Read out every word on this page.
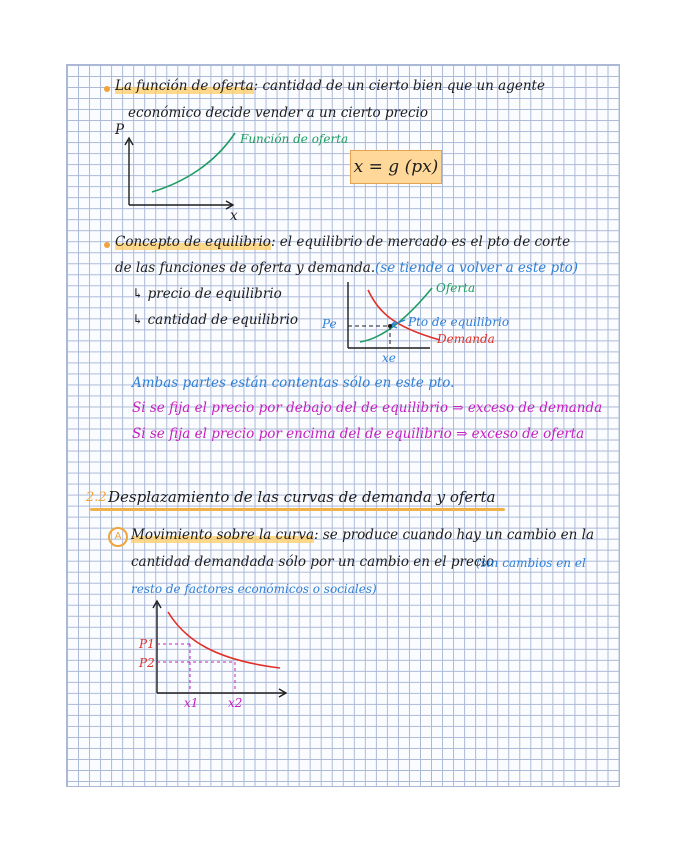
La función de oferta: cantidad de un cierto bien que un agente
económico decide vender a un cierto precio
P
x
Función de oferta
x = g (px)
Concepto de equilibrio: el equilibrio de mercado es el pto de corte
de las funciones de oferta y demanda. (se tiende a volver a este pto)
↳ precio de equilibrio
↳ cantidad de equilibrio Pe
xe
Oferta
Demanda
Pto de equilibrio
Ambas partes están contentas sólo en este pto.
Si se fija el precio por debajo del de equilibrio ⇒ exceso de demanda
Si se fija el precio por encima del de equilibrio ⇒ exceso de oferta
2.2 Desplazamiento de las curvas de demanda y oferta
A Movimiento sobre la curva: se produce cuando hay un cambio en la
cantidad demandada sólo por un cambio en el precio
(sin cambios en el
resto de factores económicos o sociales)
P1
P2
x1 x2
